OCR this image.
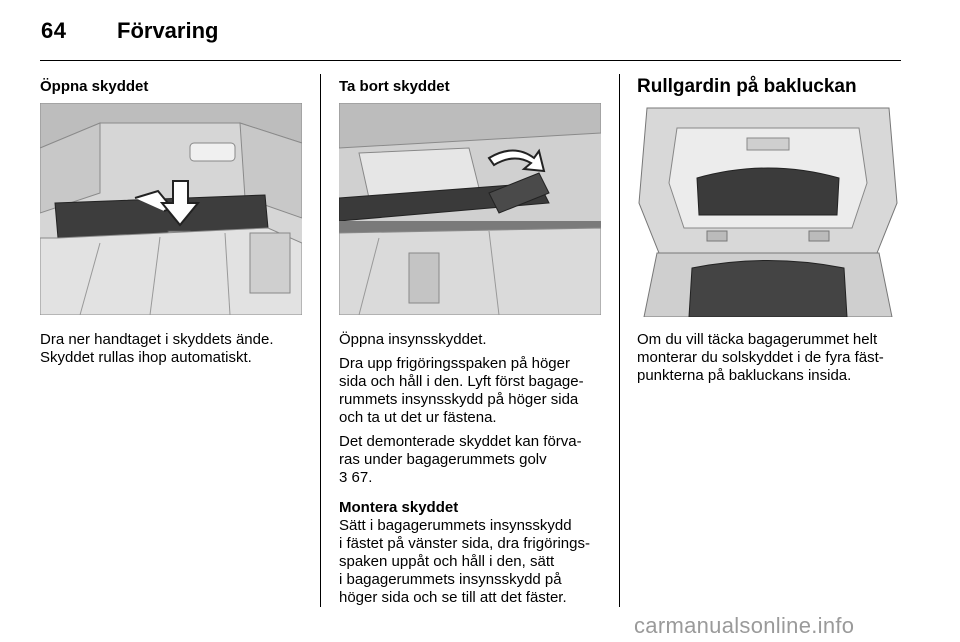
64 Förvaring
Öppna skyddet
Dra ner handtaget i skyddets ände.
Skyddet rullas ihop automatiskt.
Ta bort skyddet

Öppna insynsskyddet.

Dra upp frigöringsspaken på höger
sida och håll i den. Lyft först bagage-
rummets insynsskydd på höger sida
och ta ut det ur fästena.

Det demonterade skyddet kan förva-
ras under bagagerummets golv
3 67.

Montera skyddet
Sätt i bagagerummets insynsskydd
i fästet på vänster sida, dra frigörings-
spaken uppåt och håll i den, sätt
i bagagerummets insynsskydd på
höger sida och se till att det fäster.
Rullgardin på bakluckan
Om du vill täcka bagagerummet helt
monterar du solskyddet i de fyra fäst-
punkterna på bakluckans insida.
carmanualsonline.info
